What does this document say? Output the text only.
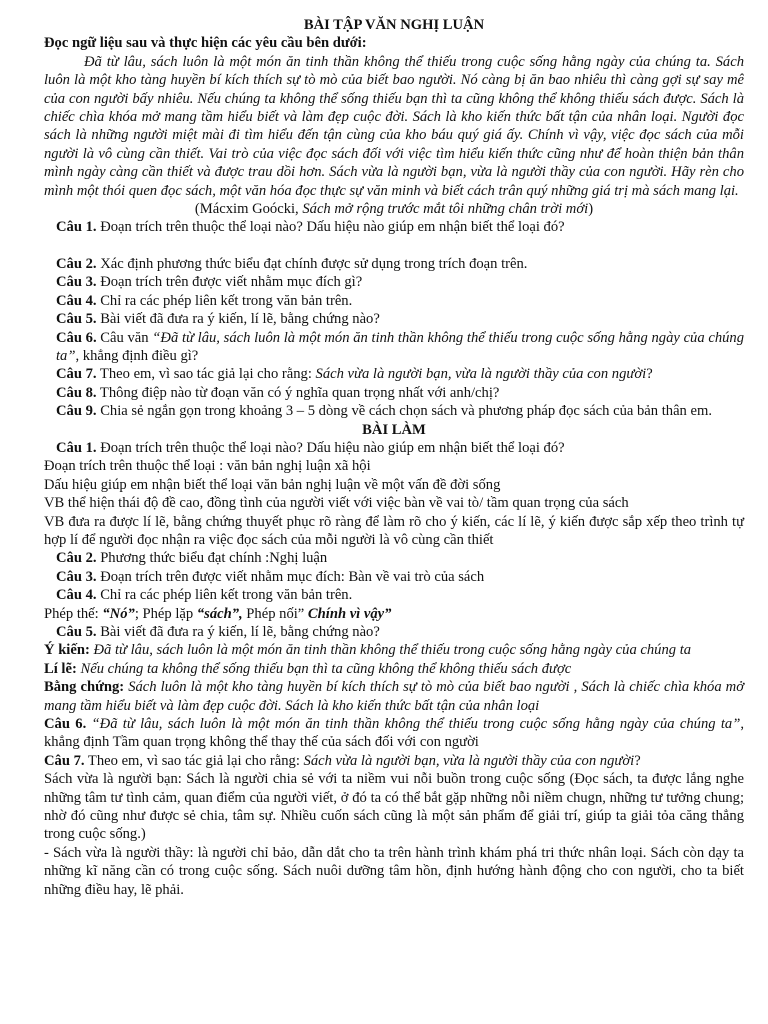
BÀI TẬP VĂN NGHỊ LUẬN

Đọc ngữ liệu sau và thực hiện các yêu cầu bên dưới:

Đã từ lâu, sách luôn là một món ăn tinh thần không thể thiếu trong cuộc sống hằng ngày của chúng ta. Sách luôn là một kho tàng huyền bí kích thích sự tò mò của biết bao người. Nó càng bị ăn bao nhiêu thì càng gợi sự say mê của con người bấy nhiêu. Nếu chúng ta không thể sống thiếu bạn thì ta cũng không thể không thiếu sách được. Sách là chiếc chìa khóa mở mang tầm hiểu biết và làm đẹp cuộc đời. Sách là kho kiến thức bất tận của nhân loại. Người đọc sách là những người miệt mài đi tìm hiểu đến tận cùng của kho báu quý giá ấy. Chính vì vậy, việc đọc sách của mỗi người là vô cùng cần thiết. Vai trò của việc đọc sách đối với việc tìm hiểu kiến thức cũng như để hoàn thiện bản thân mình ngày càng cần thiết và được trau dồi hơn. Sách vừa là người bạn, vừa là người thầy của con người. Hãy rèn cho mình một thói quen đọc sách, một văn hóa đọc thực sự văn minh và biết cách trân quý những giá trị mà sách mang lại.

(Mácxim Goócki, Sách mở rộng trước mắt tôi những chân trời mới)

Câu 1. Đoạn trích trên thuộc thể loại nào? Dấu hiệu nào giúp em nhận biết thể loại đó?

Câu 2. Xác định phương thức biểu đạt chính được sử dụng trong trích đoạn trên.

Câu 3. Đoạn trích trên được viết nhằm mục đích gì?

Câu 4. Chỉ ra các phép liên kết trong văn bản trên.

Câu 5. Bài viết đã đưa ra ý kiến, lí lẽ, bằng chứng nào?

Câu 6. Câu văn “Đã từ lâu, sách luôn là một món ăn tinh thần không thể thiếu trong cuộc sống hằng ngày của chúng ta”, khẳng định điều gì?

Câu 7. Theo em, vì sao tác giả lại cho rằng: Sách vừa là người bạn, vừa là người thầy của con người?

Câu 8. Thông điệp nào từ đoạn văn có ý nghĩa quan trọng nhất với anh/chị?

Câu 9. Chia sẻ ngắn gọn trong khoảng 3 – 5 dòng về cách chọn sách và phương pháp đọc sách của bản thân em.

BÀI LÀM

Câu 1. Đoạn trích trên thuộc thể loại nào? Dấu hiệu nào giúp em nhận biết thể loại đó?

Đoạn trích trên thuộc thể loại : văn bản nghị luận xã hội

Dấu hiệu giúp em nhận biết thể loại văn bản nghị luận về một vấn đề đời sống

VB thể hiện thái độ đề cao, đồng tình của người viết với việc bàn về vai tò/ tầm quan trọng của sách

VB đưa ra được lí lẽ, bằng chứng thuyết phục rõ ràng để làm rõ cho ý kiến, các lí lẽ, ý kiến được sắp xếp theo trình tự hợp lí để người đọc nhận ra việc đọc sách của mỗi người là vô cùng cần thiết

Câu 2. Phương thức biểu đạt chính :Nghị luận

Câu 3. Đoạn trích trên được viết nhằm mục đích: Bàn về vai trò của sách

Câu 4. Chỉ ra các phép liên kết trong văn bản trên.

Phép thế: “Nó”; Phép lặp “sách”, Phép nối” Chính vì vậy”

Câu 5. Bài viết đã đưa ra ý kiến, lí lẽ, bằng chứng nào?

Ý kiến: Đã từ lâu, sách luôn là một món ăn tinh thần không thể thiếu trong cuộc sống hằng ngày của chúng ta

Lí lẽ: Nếu chúng ta không thể sống thiếu bạn thì ta cũng không thể không thiếu sách được

Bằng chứng: Sách luôn là một kho tàng huyền bí kích thích sự tò mò của biết bao người , Sách là chiếc chìa khóa mở mang tầm hiểu biết và làm đẹp cuộc đời. Sách là kho kiến thức bất tận của nhân loại

Câu 6. “Đã từ lâu, sách luôn là một món ăn tinh thần không thể thiếu trong cuộc sống hằng ngày của chúng ta”, khẳng định Tầm quan trọng không thể thay thế của sách đối với con người

Câu 7. Theo em, vì sao tác giả lại cho rằng: Sách vừa là người bạn, vừa là người thầy của con người?

Sách vừa là người bạn: Sách là người chia sẻ với ta niềm vui nỗi buồn trong cuộc sống (Đọc sách, ta được lắng nghe những tâm tư tình cảm, quan điểm của người viết, ở đó ta có thể bắt gặp những nỗi niềm chugn, những tư tưởng chung; nhờ đó cũng như được sẻ chia, tâm sự. Nhiều cuốn sách cũng là một sản phẩm để giải trí, giúp ta giải tỏa căng thẳng trong cuộc sống.)

- Sách vừa là người thầy: là người chỉ bảo, dẫn dắt cho ta trên hành trình khám phá tri thức nhân loại. Sách còn dạy ta những kĩ năng cần có trong cuộc sống. Sách nuôi dưỡng tâm hồn, định hướng hành động cho con người, cho ta biết những điều hay, lẽ phải.
